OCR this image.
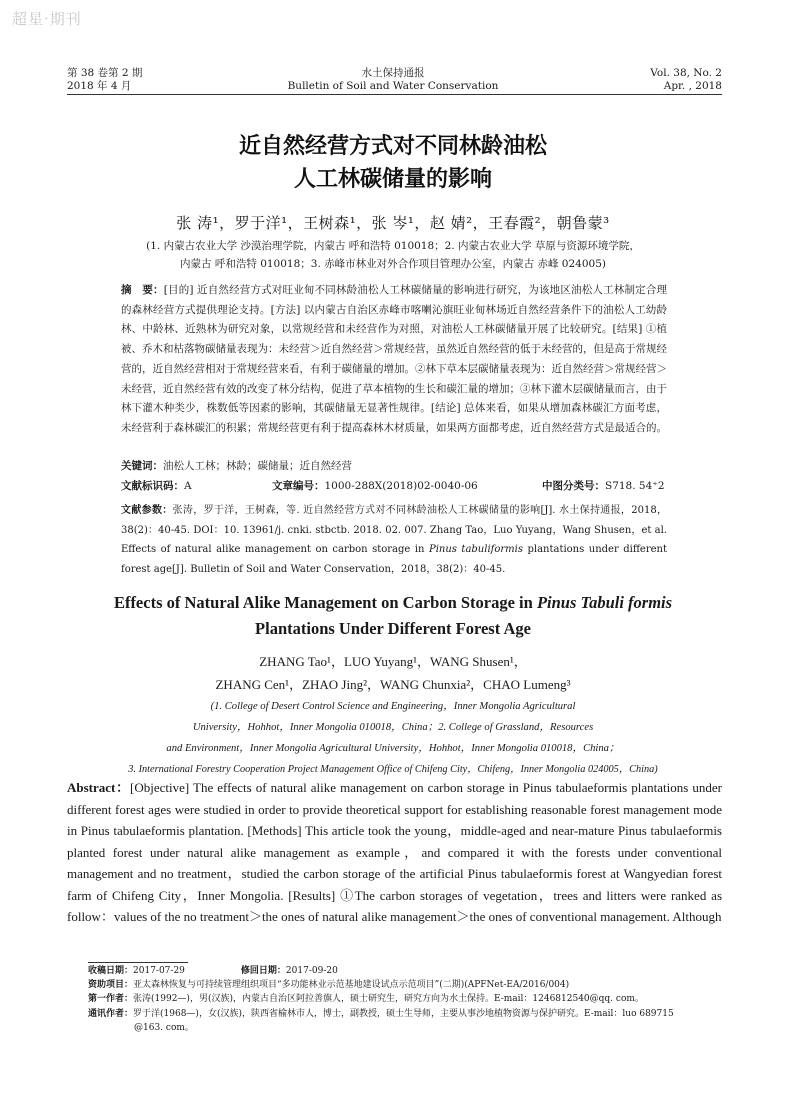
超星·期刊
第 38 卷第 2 期
2018 年 4 月
水土保持通报
Bulletin of Soil and Water Conservation
Vol. 38, No. 2
Apr. , 2018
近自然经营方式对不同林龄油松
人工林碳储量的影响
张 涛¹，罗于洋¹，王树森¹，张 岑¹，赵 婧²，王春霞²，朝鲁蒙³
(1. 内蒙古农业大学 沙漠治理学院，内蒙古 呼和浩特 010018；2. 内蒙古农业大学 草原与资源环境学院，
内蒙古 呼和浩特 010018；3. 赤峰市林业对外合作项目管理办公室，内蒙古 赤峰 024005)
摘　要：[目的] 近自然经营方式对旺业甸不同林龄油松人工林碳储量的影响进行研究，为该地区油松人工林制定合理的森林经营方式提供理论支持。[方法] 以内蒙古自治区赤峰市喀喇沁旗旺业甸林场近自然经营条件下的油松人工幼龄林、中龄林、近熟林为研究对象，以常规经营和未经营作为对照，对油松人工林碳储量开展了比较研究。[结果] ①植被、乔木和枯落物碳储量表现为：未经营＞近自然经营＞常规经营，虽然近自然经营的低于未经营的，但是高于常规经营的，近自然经营相对于常规经营来看，有利于碳储量的增加。②林下草本层碳储量表现为：近自然经营＞常规经营＞未经营，近自然经营有效的改变了林分结构，促进了草本植物的生长和碳汇量的增加；③林下灌木层碳储量而言，由于林下灌木种类少，株数低等因素的影响，其碳储量无显著性规律。[结论] 总体来看，如果从增加森林碳汇方面考虑，未经营利于森林碳汇的积累；常规经营更有利于提高森林木材质量，如果两方面都考虑，近自然经营方式是最适合的。
关键词：油松人工林；林龄；碳储量；近自然经营
文献标识码：A	文章编号：1000-288X(2018)02-0040-06	中图分类号：S718. 54⁺2
文献参数：张涛，罗于洋，王树森，等. 近自然经营方式对不同林龄油松人工林碳储量的影响[J]. 水土保持通报，2018，38(2)：40-45. DOI：10. 13961/j. cnki. stbctb. 2018. 02. 007. Zhang Tao，Luo Yuyang，Wang Shusen，et al. Effects of natural alike management on carbon storage in Pinus tabuliformis plantations under different forest age[J]. Bulletin of Soil and Water Conservation，2018，38(2)：40-45.
Effects of Natural Alike Management on Carbon Storage in Pinus Tabuli formis
Plantations Under Different Forest Age
ZHANG Tao¹，LUO Yuyang¹，WANG Shusen¹，
ZHANG Cen¹，ZHAO Jing²，WANG Chunxia²，CHAO Lumeng³
(1. College of Desert Control Science and Engineering，Inner Mongolia Agricultural
University，Hohhot，Inner Mongolia 010018，China；2. College of Grassland，Resources
and Environment，Inner Mongolia Agricultural University，Hohhot，Inner Mongolia 010018，China；
3. International Forestry Cooperation Project Management Office of Chifeng City，Chifeng，Inner Mongolia 024005，China)
Abstract：[Objective] The effects of natural alike management on carbon storage in Pinus tabulaeformis plantations under different forest ages were studied in order to provide theoretical support for establishing reasonable forest management mode in Pinus tabulaeformis plantation. [Methods] This article took the young，middle-aged and near-mature Pinus tabulaeformis planted forest under natural alike management as example，and compared it with the forests under conventional management and no treatment，studied the carbon storage of the artificial Pinus tabulaeformis forest at Wangyedian forest farm of Chifeng City，Inner Mongolia. [Results] ①The carbon storages of vegetation，trees and litters were ranked as follow：values of the no treatment＞the ones of natural alike management＞the ones of conventional management. Although
收稿日期：2017-07-29	修回日期：2017-09-20
资助项目：亚太森林恢复与可持续管理组织项目“多功能林业示范基地建设试点示范项目”(二期)(APFNet-EA/2016/004)
第一作者：张涛(1992—)，男(汉族)，内蒙古自治区阿拉善旗人，硕士研究生，研究方向为水土保持。E-mail：1246812540@qq. com。
通讯作者：罗于洋(1968—)，女(汉族)，陕西省榆林市人，博士，副教授，硕士生导师，主要从事沙地植物资源与保护研究。E-mail：luo 689715
@163. com。
